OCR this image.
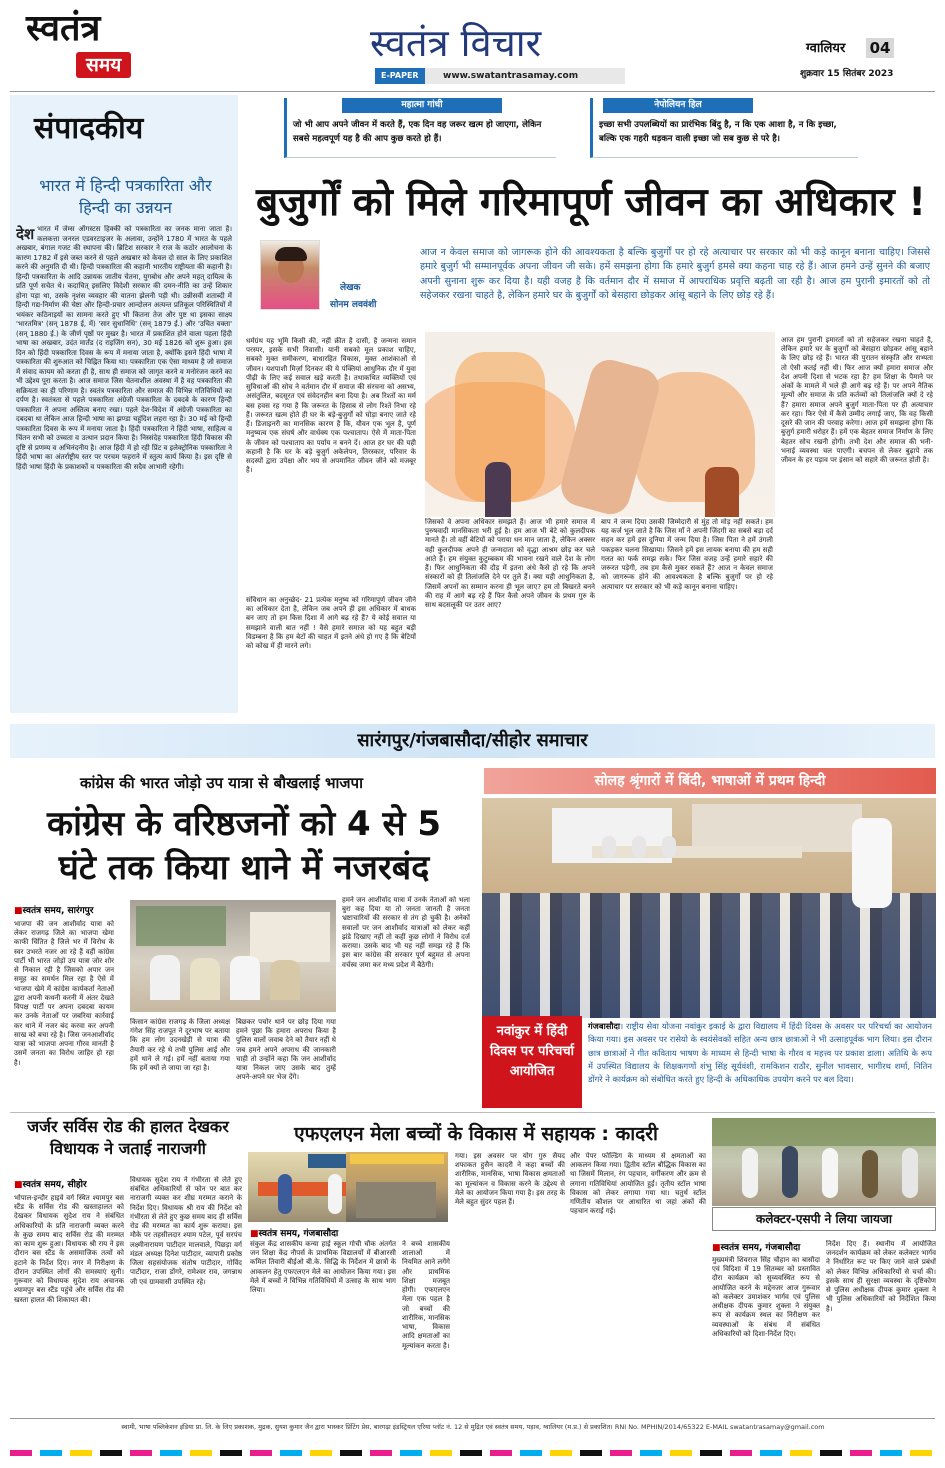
स्वतंत्र
समय	स्वतंत्र विचार
E-PAPER	www.swatantrasamay.com
ग्वालियर 04
शुक्रवार 15 सितंबर 2023
संपादकीय
भारत में हिन्दी पत्रकारिता और हिन्दी का उन्नयन
देश भारत में जेम्स ऑगस्टस हिक्की को पत्रकारिता का जनक माना जाता है। कलकत्ता जनरल एडवरटाइजर के अलावा, उन्होंने 1780 में भारत के पहले अखबार, बंगाल गजट की स्थापना की। ब्रिटिश सरकार ने राज के कठोर आलोचना के कारण 1782 में इसे जब्त करने से पहले अखबार को केवल दो साल के लिए प्रकाशित करने की अनुमति दी थी। हिन्दी पत्रकारिता की कहानी भारतीय राष्ट्रीयता की कहानी है। हिन्दी पत्रकारिता के आदि उन्नायक जातीय चेतना, युगबोध और अपने महत् दायित्व के प्रति पूर्ण सचेत थे। कदाचित् इसलिए विदेशी सरकार की दमन-नीति का उन्हें शिकार होना पड़ा था, उसके नृशंस व्यवहार की यातना झेलनी पड़ी थी। उन्नीसवीं शताब्दी में हिन्दी गद्य-निर्माण की चेष्टा और हिन्दी-प्रचार आन्दोलन अत्यन्त प्रतिकूल परिस्थितियों में भयंकर कठिनाइयों का सामना करते हुए भी कितना तेज और पुष्ट था इसका साक्ष्य 'भारतमित्र' (सन् 1878 ई, में) 'सार सुधानिधि' (सन् 1879 ई.) और 'उचित वक्ता' (सन् 1880 ई.) के जीर्ण पृष्ठों पर मुखर है। भारत में प्रकाशित होने वाला पहला हिंदी भाषा का अखबार, उदंत मार्तंड (द राइजिंग सन), 30 मई 1826 को शुरू हुआ। इस दिन को हिंदी पत्रकारिता दिवस के रूप में मनाया जाता है, क्योंकि इसने हिंदी भाषा में पत्रकारिता की शुरुआत को चिह्नित किया था। पत्रकारिता एक ऐसा माध्यम है जो समाज में संवाद कायम को करता ही है, साथ ही समाज को जागृत करने व मनोरंजन करने का भी उद्देश्य पूरा करता है। आज समाज जिस चेतनाशील अवस्था में है वह पत्रकारिता की सक्रियता का ही परिणाम है। स्वतंत्र पत्रकारिता और समाज की विभिन्न गतिविधियों का दर्पण है। स्वतंत्रता से पहले पत्रकारिता अंग्रेजी पत्रकारिता के दबदबे के कारण हिन्दी पत्रकारिता ने अपना अस्तित्व बनाए रखा। पहले देश-विदेश में अंग्रेजी पत्रकारिता का दबदबा था लेकिन आज हिन्दी भाषा का झण्डा चहुंदिश लहरा रहा है। 30 मई को हिन्दी पत्रकारिता दिवस के रूप में मनाया जाता है। हिंदी पत्रकारिता ने हिंदी भाषा, साहित्य व चिंतन सभी को उच्चता व उत्थान प्रदान किया है। निस्संदेह पत्रकारिता हिंदी विकास की दृष्टि से प्रणम्य व अभिनंदनीय है। आज हिंदी में हो रही प्रिंट व इलेक्ट्रोनिक पत्रकारिता ने हिंदी भाषा का अंतर्राष्ट्रीय स्तर पर परचम फहराने में स्तुत्य कार्य किया है। इस दृष्टि से हिंदी भाषा हिंदी के प्रकाशकों व पत्रकारिता की सदैव आभारी रहेगी।
महात्मा गांधी
जो भी आप अपने जीवन में करते हैं, एक दिन वह जरूर खत्म हो जाएगा, लेकिन सबसे महत्वपूर्ण यह है की आप कुछ करते हो हैं।
नेपोलियन हिल
इच्छा सभी उपलब्धियों का प्रारंभिक बिंदु है, न कि एक आशा है, न कि इच्छा, बल्कि एक गहरी धड़कन वाली इच्छा जो सब कुछ से परे है।
बुजुर्गों को मिले गरिमापूर्ण जीवन का अधिकार !
लेखक
सोनम लववंशी
आज न केवल समाज को जागरूक होने की आवश्यकता है बल्कि बुजुर्गों पर हो रहे अत्याचार पर सरकार को भी कड़े कानून बनाना चाहिए। जिससे हमारे बुजुर्ग भी सम्मानपूर्वक अपना जीवन जी सके। हमें समझना होगा कि हमारे बुजुर्ग हमसे क्या कहना चाह रहे हैं। आज हमने उन्हें सुनने की बजाए अपनी सुनाना शुरू कर दिया है। यही वजह है कि वर्तमान दौर में समाज में आपराधिक प्रवृत्ति बढ़ती जा रही है। आज हम पुरानी इमारतों को तो सहेजकर रखना चाहते है, लेकिन हमारे घर के बुजुर्गों को बेसहारा छोड़कर आंसू बहाने के लिए छोड़ रहे हैं।
धर्मग्रंथ यह भूमि किसी की, नहीं क्रीत है दासी, है जन्मना समान परस्पर, इसके सभी निवासी। यानी सबको मूल प्रकाश चाहिए, सबको मुक्त समीकरण, बाधारहित विकास, मुक्त आशंकाओं से जीवन। यशपाशी मिर्ज़ा दिनकर की ये पंक्तियां आधुनिक दौर में युवा पीढ़ी के लिए कई सवाल खड़े करती है। तथाकथित व्यक्तियों एवं सुविधाओं की सोच ने वर्तमान दौर में समाज की संरचना को असभ्य, असंतुलित, बदसूरत एवं संवेदनहीन बना दिया है। अब रिश्तों का मर्म बस हवस रह गया है कि जरूरत के हिसाब से लोग रिश्ते निभा रहे हैं। जरूरत खत्म होते ही घर के बड़े-बुजुर्गों को घोड़ा बनाए जाते रहे हैं। डिजाइनरी का मानसिक कारण है कि, यौवन एक भूल है, पूर्ण मनुष्यत्व एक संघर्ष और वार्धक्य एक पश्चाताप। ऐसे में माता-पिता के जीवन को पश्चाताप का पर्याय न बनने दें। आज हर घर की यही कहानी है कि घर के बड़े बुजुर्ग अकेलेपन, तिरस्कार, परिवार के सदस्यों द्वारा उपेक्षा और भय से अपमानित जीवन जीने को मजबूर है।
संविधान का अनुच्छेद- 21 प्रत्येक मनुष्य को गरिमापूर्ण जीवन जीने का अधिकार देता है, लेकिन जब अपने ही इस अधिकार में बाधक बन जाए तो हम किस दिशा में आगे बढ़ रहे हैं? ये कोई सवाल या समझाने वाली बात नहीं ! वैसे हमारे समाज को यह बहुत बड़ी विडम्बना है कि हम बेटों की चाहत में इतने अंधे हो गए है कि बेटियों को कोख में ही मारने लगे।
जिसको वे अपना अधिकार समझते हैं। आज भी हमारे समाज में पुरुषवादी मानसिकता भरी हुई है। हम आज भी बेटे को कुलदीपक मानते हैं। तो वहीं बेटियों को पराया धन मान जाता है, लेकिन अक्सर वही कुलदीपक अपने ही जन्मदाता को वृद्धा आश्रम छोड़ कर चले आते हैं। हम संयुक्त कुटुम्बकम की भावना रखने वाले देश के लोग हैं। फिर आधुनिकता की दौड़ में इतना अंधे कैसे हो रहे कि अपने संस्कारों को ही तिलांजलि देने पर तुले हैं। क्या यही आधुनिकता है, जिसमें अपनों का सम्मान करना ही भूल जाए? हम तो बिखरते बनने की राह में आगे बढ़ रहे हैं फिर कैसे अपने जीवन के प्रथम गुरु के साथ बदसलूकी पर उतर आए?
बाप ने जन्म दिया उसकी जिम्मेदारी से मुंह तो मोड़ नहीं सकते। हम यह कर्ज भूल जाते है कि जिस माँ ने अपनी जिंदगी का सबसे बड़ा दर्द सहन कर हमें इस दुनिया में जन्म दिया है। जिस पिता ने हमें उंगली पकड़कर चलना सिखाया। जिसने हमें इस लायक बनाया की हम सही गलत का फर्क समझ सके। फिर जिस वजह उन्हें हमारे सहारे की जरूरत पड़ेगी, तब हम कैसे मुकर सकते हैं? आज न केवल समाज को जागरूक होने की आवश्यकता है बल्कि बुजुर्गों पर हो रहे अत्याचार पर सरकार को भी कड़े कानून बनाना चाहिए।
आज हम पुरानी इमारतों को तो सहेजकर रखना चाहते है, लेकिन हमारे घर के बुजुर्गों को बेसहारा छोड़कर आंसू बहाने के लिए छोड़ रहे हैं। भारत की पुरातन संस्कृति और सभ्यता तो ऐसी कतई नहीं थी। फिर आज क्यों हमारा समाज और देश अपनी दिशा से भटक रहा है? हम शिक्षा के पैमाने पर अंकों के मामले में भले ही आगे बढ़ रहे हैं। पर अपने नैतिक मूल्यों और समाज के प्रति कर्तव्यों को तिलांजलि क्यों दे रहे हैं? हमारा समाज अपने बुजुर्ग माता-पिता पर ही अत्याचार कर रहा। फिर ऐसे में कैसे उम्मीद लगाई जाए, कि वह किसी दूसरे की जान की परवाह करेगा। आज हमें समझना होगा कि बुजुर्ग हमारी धरोहर हैं। हमें एक बेहतर समाज निर्माण के लिए बेहतर सोच रखनी होगी। तभी देश और समाज की भनी-भनाई व्यवस्था चल पाएगी। बचपन से लेकर बुढ़ापे तक जीवन के हर पड़ाव पर इंसान को सहारे की जरूरत होती है।
सारंगपुर/गंजबासौदा/सीहोर समाचार
कांग्रेस की भारत जोड़ो उप यात्रा से बौखलाई भाजपा
कांग्रेस के वरिष्ठजनों को 4 से 5
घंटे तक किया थाने में नजरबंद
■ स्वतंत्र समय, सारंगपुर
भाजपा की जन आशीर्वाद यात्रा को लेकर राजगढ़ जिले का भाजपा खेमा काफी चिंतित है जिले भर में विरोध के स्वर उभरते नजर आ रहे हैं वहीं कांग्रेस पार्टी भी भारत जोड़ो उप यात्रा जोर शोर से निकाल रही है जिसको अपार जन समूह का समर्थन मिल रहा है ऐसे में भाजपा खेमे में कांग्रेस कार्यकर्ता नेताओं द्वारा अपनी कथनी करनी में अंतर देखते विपक्ष पार्टी पर अपना दबदबा कायम कर उनके नेताओं पर जबरिया कार्रवाई कर थाने में नजर बंद करवा कर अपनी साख को बचा रहे है। जिस जनआशीर्वाद यात्रा को भाजपा अपना गौरव मानती है उसमें जनता का विरोध जाहिर हो रहा है।
किसान कांग्रेस राजगढ़ के जिला अध्यक्ष गंगेश सिंह राजपूत ने दूरभाष पर बताया कि हम लोग उदनखेड़ी से यात्रा की तैयारी कर रहे थे तभी पुलिस आई और हमें थाने ले गई। हमें नहीं बताया गया कि हमें क्यों ले जाया जा रहा है।
बिछकर पचोर थाने पर छोड़ दिया गया हमने पूछा कि हमारा अपराध किया है पुलिस वालों जवाब देने को तैयार नहीं थे जब हमने अपने अपराध की जानकारी चाही तो उन्होंने कहा कि जन आशीर्वाद यात्रा निकल जाए उसके बाद तुम्हें अपने-अपने घर भेज देंगे।
हमने जन आशीर्वाद यात्रा में उनके नेताओं को भला बुरा कह दिया या तो जनता जानती है जनता भ्रष्टाचारियों की सरकार से तंग हो चुकी है। अनेकों सवालों पर जन आशीर्वाद यात्राओं को लेकर कहीं झंडे दिखाए नहीं तो कहीं कुछ लोगों ने विरोध दर्ज कराया। उसके बाद भी यह नहीं समझ रहे हैं कि इस बार कांग्रेस की सरकार पूर्ण बहुमत से अपना वर्चस्व जमा कर मध्य प्रदेश में बैठेगी।
सोलह श्रृंगारों में बिंदी, भाषाओं में प्रथम हिन्दी
नवांकुर में हिंदी दिवस पर परिचर्चा आयोजित
गंजबासौदा। राष्ट्रीय सेवा योजना नवांकुर इकाई के द्वारा विद्यालय में हिंदी दिवस के अवसर पर परिचर्चा का आयोजन किया गया। इस अवसर पर रासेयो के स्वयंसेवकों सहित अन्य छात्र छात्राओं ने भी उत्साहपूर्वक भाग लिया। इस दौरान छात्र छात्राओं ने गीत कविताय भाषण के माध्यम से हिन्दी भाषा के गौरव व महत्त्व पर प्रकाश डाला। अतिथि के रूप में उपस्थित विद्यालय के शिक्षकगणों शंभु सिंह सूर्यवंशी, रामकिशन राठौर, सुनील भावसार, भागीरथ शर्मा, नितिन डोंगरे ने कार्यक्रम को संबोधित करते हुए हिन्दी के अधिकाधिक उपयोग करने पर बल दिया।
जर्जर सर्विस रोड की हालत देखकर
विधायक ने जताई नाराजगी
■ स्वतंत्र समय, सीहोर
भोपाल-इन्दौर हाइवे वर्ग स्थित श्यामपुर बस स्टैंड के सर्विस रोड की खस्ताहालत को देखकर विधायक सुदेश राय ने संबंधित अधिकारियों के प्रति नाराजगी व्यक्त करने के कुछ समय बाद सर्विस रोड की मरम्मत का काम शुरू हुआ। विधायक श्री राय ने इस दौरान बस स्टैंड के असमाजिक तत्वों को हटाने के निर्देश दिए। नगर में निरीक्षण के दौरान उपस्थित लोगों की समस्याएं सुनी। गुरूवार को विधायक सुदेश राय अचानक श्यामपुर बस स्टैंड पहुंचे और सर्विस रोड की खस्ता हालत की शिकायत की।
विधायक सुदेश राय ने गंभीरता से लेते हुए संबंधित अधिकारियों से फोन पर बात कर नाराजगी व्यक्त कर शीघ्र मरम्मत कराने के निर्देश दिए। विधायक श्री राय की निर्देश को गंभीरता से लेते हुए कुछ समय बाद ही सर्विस रोड की मरम्मत का कार्य शुरू कराया। इस मौके पर तहसीलदार श्याम पटेल, पूर्व सरपंच लक्ष्मीनारायण पाटीदार मालवाले, पिछड़ा वर्ग मंडल अध्यक्ष दिनेश पाटीदार, व्यापारी प्रकोष्ठ जिला सहसंयोजक संतोष पाटीदार, गोविंद पाटीदार, राजा डोंगरे, रामेश्वर राव, जगन्नाथ जी एवं ग्रामवासी उपस्थित रहे।
एफएलएन मेला बच्चों के विकास में सहायक : कादरी
■ स्वतंत्र समय, गंजबासौदा
संकुल केंद्र शासकीय कन्या हाई स्कूल गोची चौक अंतर्गत जन शिक्षा केंद्र नौपर्स के प्राथमिक विद्यालयों में बीआरसी कमिल तिवारी बीईओ बी.के. सिद्धि के निर्देशन में छात्रों के आकलन हेतु एफएलएन मेले का आयोजन किया गया। इस मेले में बच्चों ने विभिन्न गतिविधियों में उत्साह के साथ भाग लिया।
ने बच्चे शासकीय शालाओं में नियमित आने लगेंगे और प्राथमिक शिक्षा मजबूत होगी। एफएलएन मेला एक पहल है जो बच्चों की शारीरिक, मानसिक भाषा, विकास आदि क्षमताओं का मूल्यांकन करता है।
गया। इस अवसर पर योग गुरु सैयद शफाकत हुसैन कादरी ने कहा बच्चों की शारीरिक, मानसिक, भाषा विकास क्षमताओं का मूल्यांकन व विकास करने के उद्देश्य से मेले का आयोजन किया गया है। इस तरह के मेले बहुत सुंदर पहल हैं।
और पेपर फोल्डिंग के माध्यम से क्षमताओं का आकलन किया गया। द्वितीय स्टॉल बौद्धिक विकास का था जिसमें मिलान, रंग पहचान, वर्गीकरण और क्रम से लगाना गतिविधियां आयोजित हुईं। तृतीय स्टॉल भाषा विकास को लेकर लगाया गया था। चतुर्थ स्टॉल गणितीय कौशल पर आधारित था जहां अंकों की पहचान कराई गई।
कलेक्टर-एसपी ने लिया जायजा
■ स्वतंत्र समय, गंजबासौदा
मुख्यमंत्री शिवराज सिंह चौहान का बासौदा एवं विदिशा में 19 सितम्बर को प्रस्तावित दौरा कार्यक्रम को सुव्यवस्थित रूप से आयोजित करने के मद्देनजर आज गुरूवार को कलेक्टर उमाशंकर भार्गव एवं पुलिस अधीक्षक दीपक कुमार शुक्ला ने संयुक्त रूप से कार्यक्रम स्थल का निरीक्षण कर व्यवस्थाओं के संबंध में संबंधित अधिकारियों को दिशा-निर्देश दिए।
निर्देश दिए हैं। स्थानीय में आयोजित जनदर्शन कार्यक्रम को लेकर कलेक्टर भार्गव ने निर्धारित रूट पर किए जाने वाले प्रबंधों को लेकर विभिन्न अधिकारियों से चर्चा की। इसके साथ ही सुरक्षा व्यवस्था के दृष्टिकोण से पुलिस अधीक्षक दीपक कुमार शुक्ला ने भी पुलिस अधिकारियों को निर्देशित किया है।
स्वामी, भाषा पब्लिकेशन इंडिया प्रा. लि. के लिए प्रकाशक, मुद्रक, सुयश कुमार जैन द्वारा भास्कर प्रिंटिंग प्रेस, बारगढ़ा इंडस्ट्रियल एरिया प्लॉट नं. 12 से मुद्रित एवं स्वतंत्र समय, पड़ाव, ग्वालियर (म.प्र.) से प्रकाशित। RNI No. MPHIN/2014/65322 E-MAIL swatantrasamay@gmail.com
